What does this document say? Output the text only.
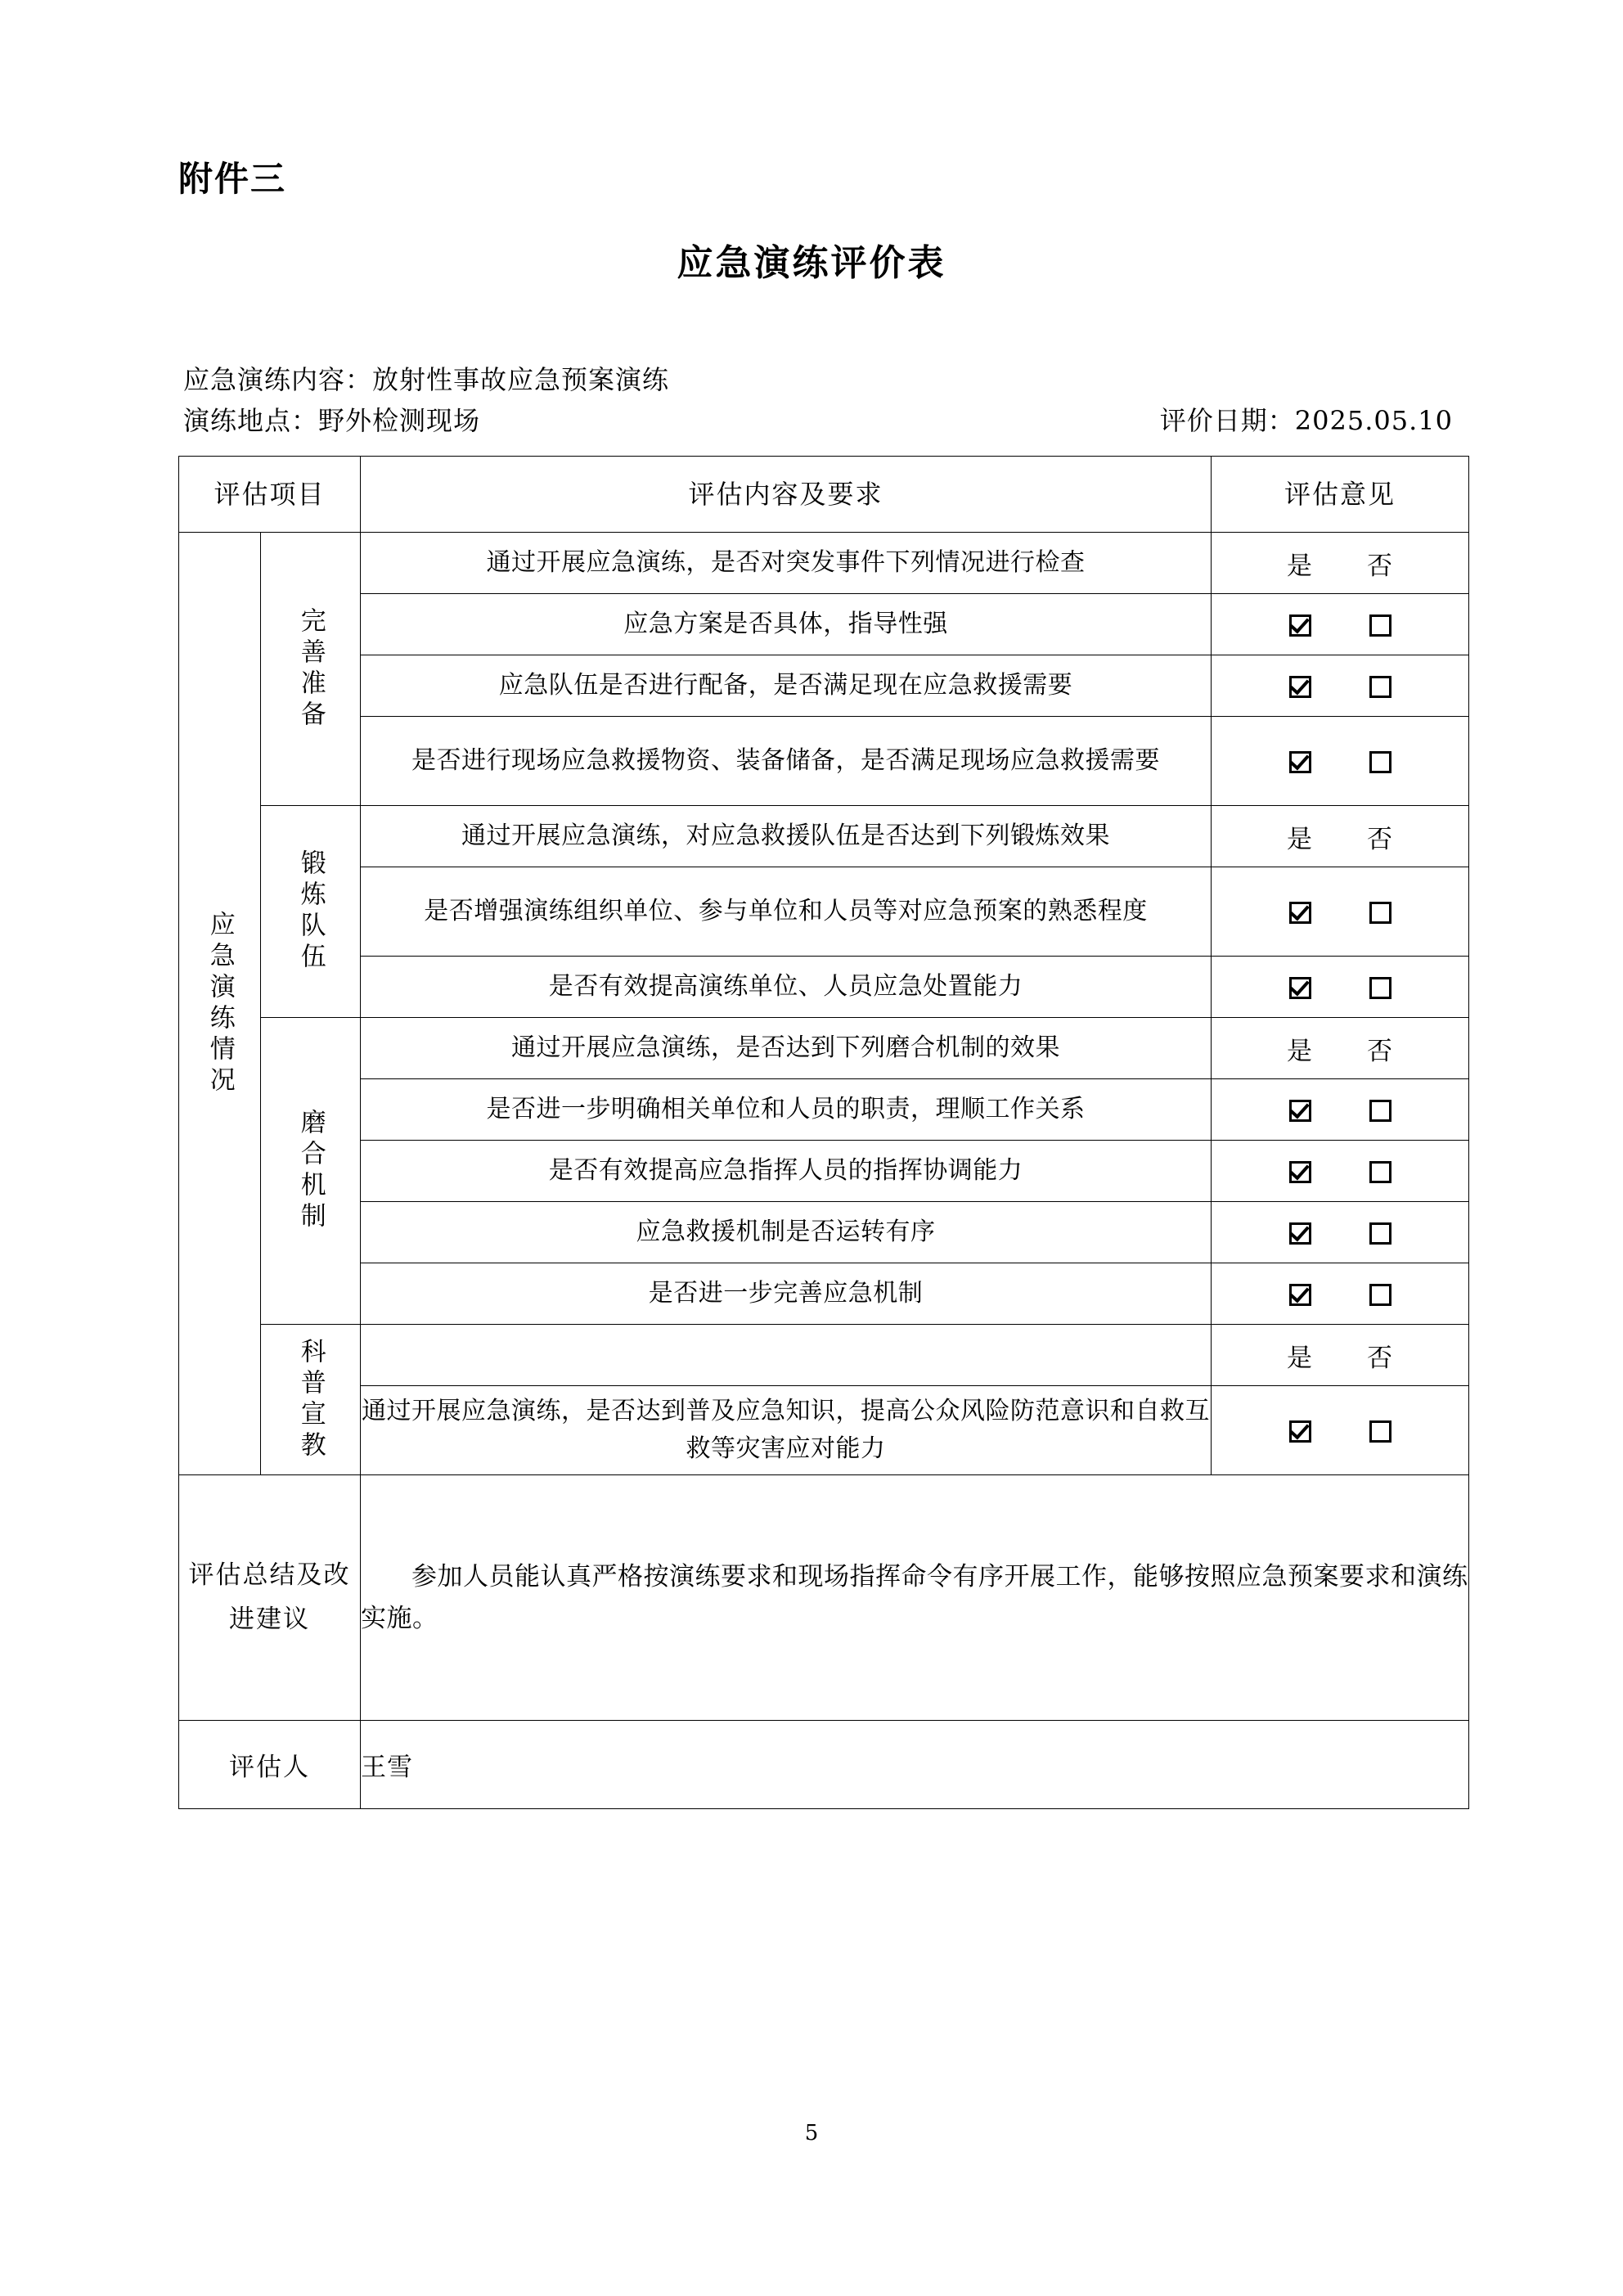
附件三
应急演练评价表
应急演练内容：放射性事故应急预案演练
演练地点：野外检测现场	评价日期：2025.05.10
评估项目		评估内容及要求	评估意见

应急演练情况	完善准备	通过开展应急演练，是否对突发事件下列情况进行检查	是 否

		应急方案是否具体，指导性强	

		应急队伍是否进行配备，是否满足现在应急救援需要	

		是否进行现场应急救援物资、装备储备，是否满足现场应急救援需要	

	锻炼队伍	通过开展应急演练，对应急救援队伍是否达到下列锻炼效果	是 否

		是否增强演练组织单位、参与单位和人员等对应急预案的熟悉程度	

		是否有效提高演练单位、人员应急处置能力	

	磨合机制	通过开展应急演练，是否达到下列磨合机制的效果	是 否

		是否进一步明确相关单位和人员的职责，理顺工作关系	

		是否有效提高应急指挥人员的指挥协调能力	

		应急救援机制是否运转有序	

		是否进一步完善应急机制	

	科普宣教		是 否

		通过开展应急演练，是否达到普及应急知识，提高公众风险防范意识和自救互救等灾害应对能力	

评估总结及改进建议		参加人员能认真严格按演练要求和现场指挥命令有序开展工作，能够按照应急预案要求和演练实施。	

评估人		王雪	
5
